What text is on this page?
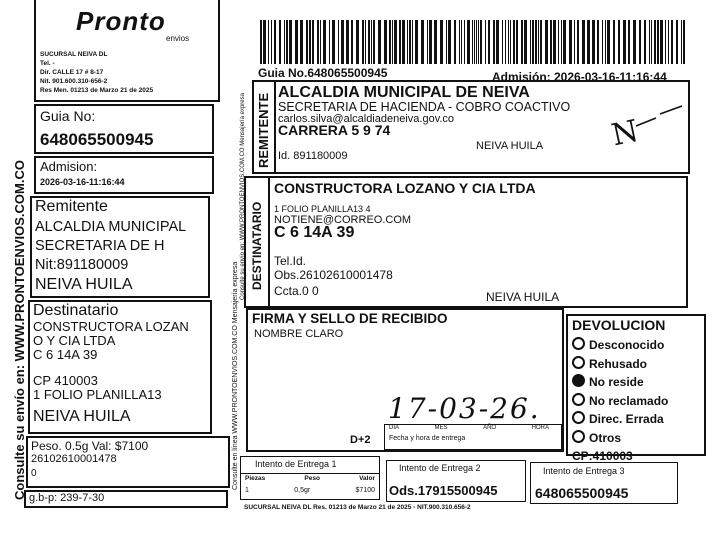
Consulte su envío en: WWW.PRONTOENVIOS.COM.CO
Pronto
envios
SUCURSAL NEIVA DL
Tel. -
Dir. CALLE 17 # 8-17
Nit. 901.600.310-656-2
Res Men. 01213 de Marzo 21 de 2025
Guia No:
648065500945
Admision:
2026-03-16-11:16:44
Remitente
ALCALDIA MUNICIPAL
SECRETARIA DE H
Nit:891180009
NEIVA HUILA
Destinatario
CONSTRUCTORA LOZAN
O Y CIA LTDA
C 6 14A 39
CP 410003
1 FOLIO PLANILLA13
NEIVA HUILA
Peso. 0.5g Val: $7100
26102610001478
0
g.b-p: 239-7-30
Consulte en línea WWW.PRONTOENVIOS.COM.CO Mensajería expresa
Consulte su envío en: WWW.PRONTOENVIOS.COM.CO Mensajería expresa
Guia No.648065500945	Admisión: 2026-03-16-11:16:44
REMITENTE
ALCALDIA MUNICIPAL DE NEIVA
SECRETARIA DE HACIENDA - COBRO COACTIVO
carlos.silva@alcaldiadeneiva.gov.co
CARRERA 5 9 74
NEIVA HUILA
Id. 891180009
N
DESTINATARIO
CONSTRUCTORA LOZANO Y CIA LTDA
1 FOLIO PLANILLA13 4
NOTIENE@CORREO.COM
C 6 14A 39
Tel.Id.
Obs.26102610001478
Ccta.0 0	NEIVA HUILA
FIRMA Y SELLO DE RECIBIDO
NOMBRE CLARO
17-03-26.
D+2
DIA	MES	AÑO	HORA
Fecha y hora de entrega
DEVOLUCION
Desconocido
Rehusado
No reside
No reclamado
Direc. Errada
Otros
CP:410003
Intento de Entrega 1
Piezas	Peso	Valor
1	0,5gr	$7100
Intento de Entrega 2
Ods.17915500945
Intento de Entrega 3
648065500945
SUCURSAL NEIVA DL Res. 01213 de Marzo 21 de 2025 - NIT.900.310.656-2
